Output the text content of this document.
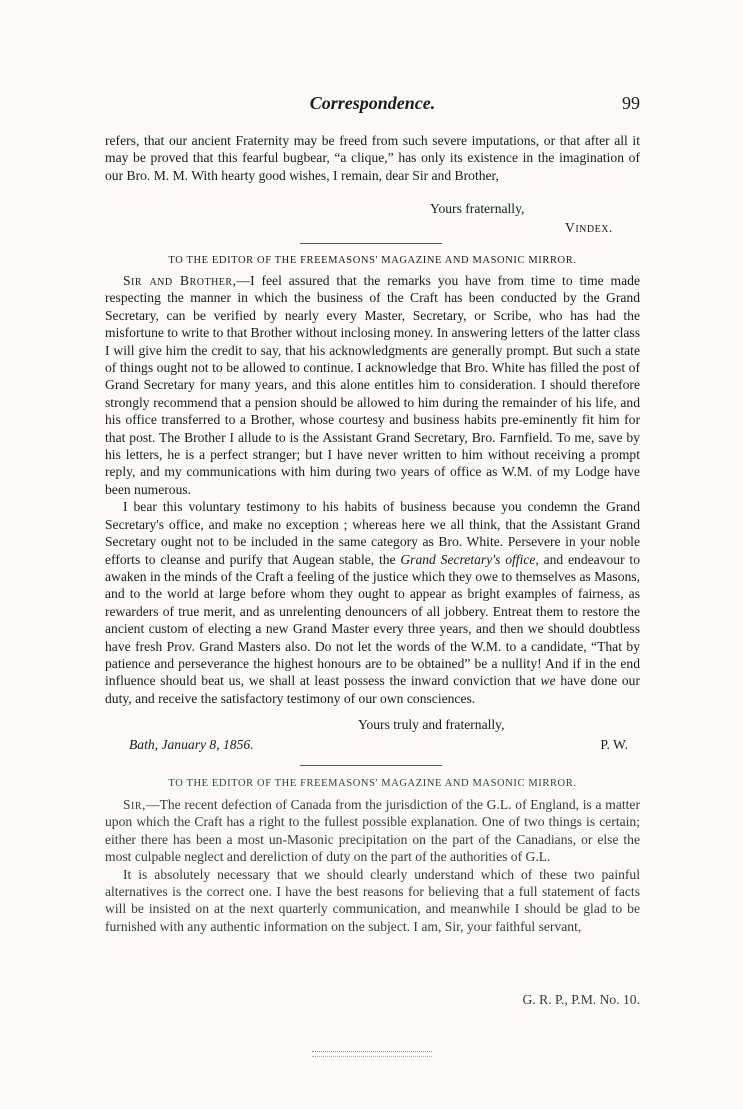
Correspondence.	99

refers, that our ancient Fraternity may be freed from such severe imputations, or that after all it may be proved that this fearful bugbear, “a clique,” has only its existence in the imagination of our Bro. M. M. With hearty good wishes, I remain, dear Sir and Brother,

Yours fraternally,
Vindex.
TO THE EDITOR OF THE FREEMASONS' MAGAZINE AND MASONIC MIRROR.

Sir and Brother,—I feel assured that the remarks you have from time to time made respecting the manner in which the business of the Craft has been conducted by the Grand Secretary, can be verified by nearly every Master, Secretary, or Scribe, who has had the misfortune to write to that Brother without inclosing money. In answering letters of the latter class I will give him the credit to say, that his acknowledgments are generally prompt. But such a state of things ought not to be allowed to continue. I acknowledge that Bro. White has filled the post of Grand Secretary for many years, and this alone entitles him to consideration. I should therefore strongly recommend that a pension should be allowed to him during the remainder of his life, and his office transferred to a Brother, whose courtesy and business habits pre-eminently fit him for that post. The Brother I allude to is the Assistant Grand Secretary, Bro. Farnfield. To me, save by his letters, he is a perfect stranger; but I have never written to him without receiving a prompt reply, and my communications with him during two years of office as W.M. of my Lodge have been numerous.

I bear this voluntary testimony to his habits of business because you condemn the Grand Secretary's office, and make no exception ; whereas here we all think, that the Assistant Grand Secretary ought not to be included in the same category as Bro. White. Persevere in your noble efforts to cleanse and purify that Augean stable, the Grand Secretary's office, and endeavour to awaken in the minds of the Craft a feeling of the justice which they owe to themselves as Masons, and to the world at large before whom they ought to appear as bright examples of fairness, as rewarders of true merit, and as unrelenting denouncers of all jobbery. Entreat them to restore the ancient custom of electing a new Grand Master every three years, and then we should doubtless have fresh Prov. Grand Masters also. Do not let the words of the W.M. to a candidate, “That by patience and perseverance the highest honours are to be obtained” be a nullity! And if in the end influence should beat us, we shall at least possess the inward conviction that we have done our duty, and receive the satisfactory testimony of our own consciences.

Yours truly and fraternally,
Bath, January 8, 1856.	P. W.
TO THE EDITOR OF THE FREEMASONS' MAGAZINE AND MASONIC MIRROR.

Sir,—The recent defection of Canada from the jurisdiction of the G.L. of England, is a matter upon which the Craft has a right to the fullest possible explanation. One of two things is certain; either there has been a most un-Masonic precipitation on the part of the Canadians, or else the most culpable neglect and dereliction of duty on the part of the authorities of G.L.

It is absolutely necessary that we should clearly understand which of these two painful alternatives is the correct one. I have the best reasons for believing that a full statement of facts will be insisted on at the next quarterly communication, and meanwhile I should be glad to be furnished with any authentic information on the subject. I am, Sir, your faithful servant,

G. R. P., P.M. No. 10.
